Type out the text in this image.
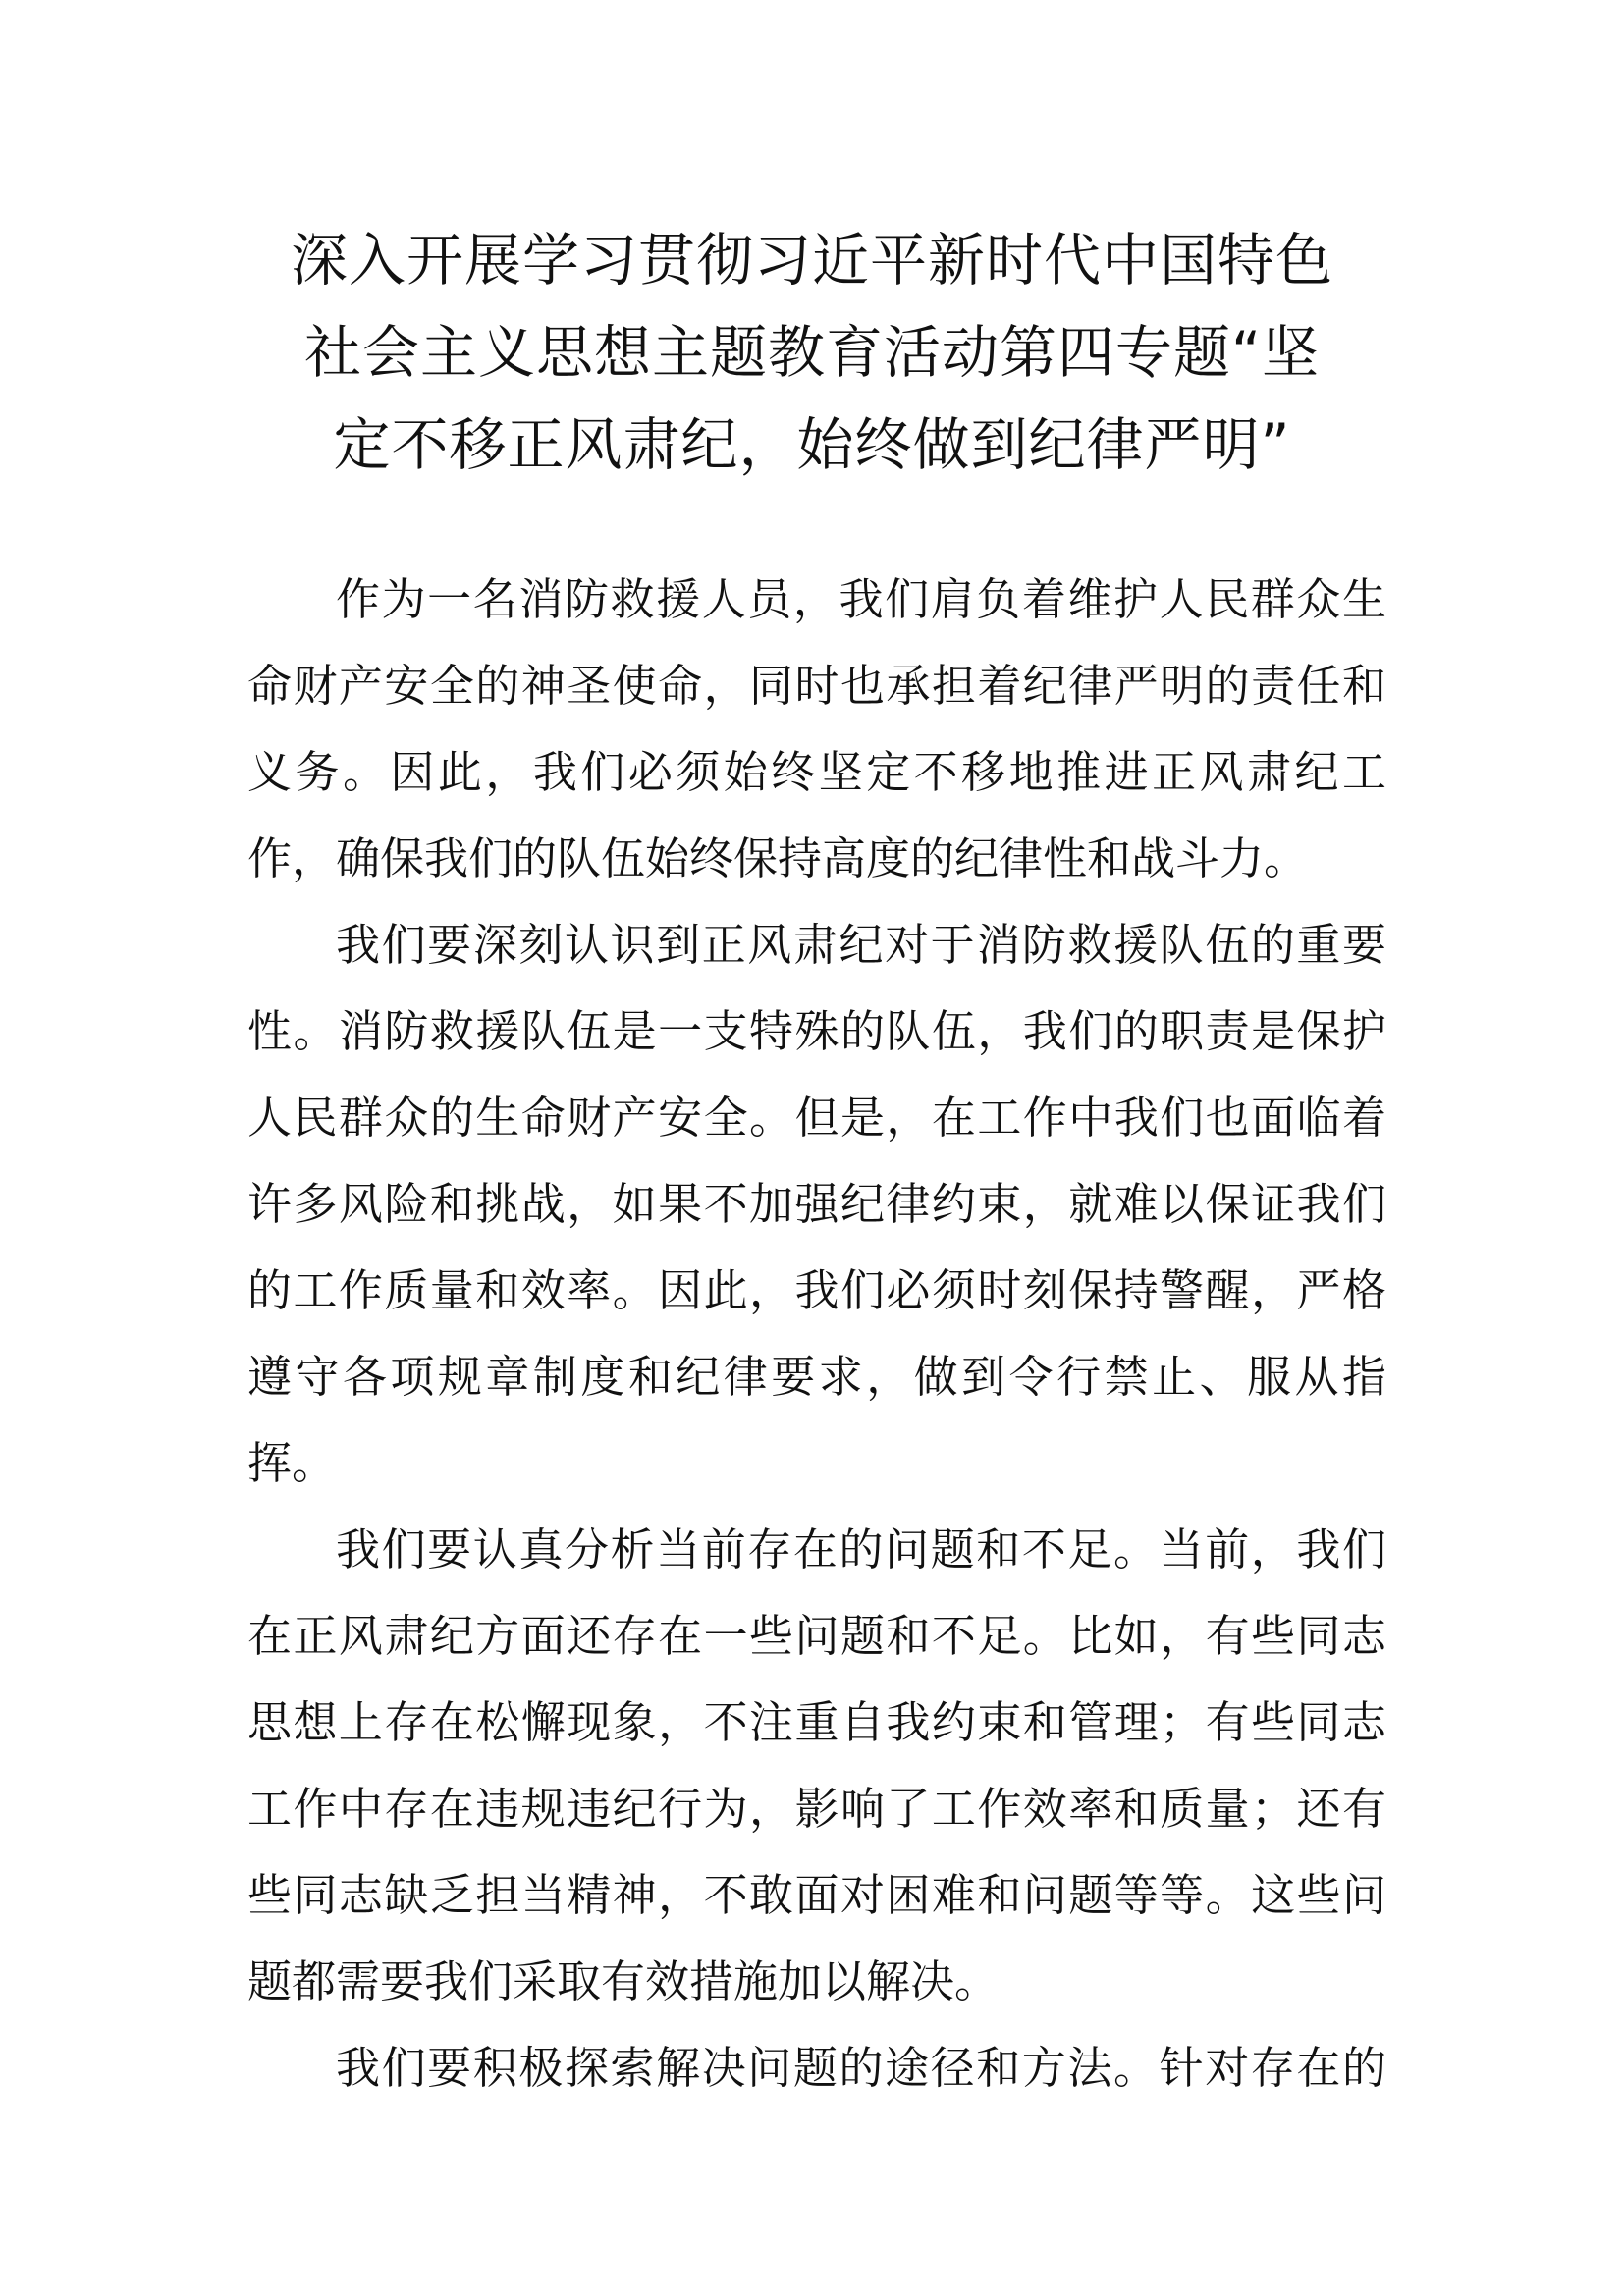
深入开展学习贯彻习近平新时代中国特色
社会主义思想主题教育活动第四专题“坚
定不移正风肃纪，始终做到纪律严明”
作为一名消防救援人员，我们肩负着维护人民群众生
命财产安全的神圣使命，同时也承担着纪律严明的责任和
义务。因此，我们必须始终坚定不移地推进正风肃纪工
作，确保我们的队伍始终保持高度的纪律性和战斗力。
我们要深刻认识到正风肃纪对于消防救援队伍的重要
性。消防救援队伍是一支特殊的队伍，我们的职责是保护
人民群众的生命财产安全。但是，在工作中我们也面临着
许多风险和挑战，如果不加强纪律约束，就难以保证我们
的工作质量和效率。因此，我们必须时刻保持警醒，严格
遵守各项规章制度和纪律要求，做到令行禁止、服从指
挥。
我们要认真分析当前存在的问题和不足。当前，我们
在正风肃纪方面还存在一些问题和不足。比如，有些同志
思想上存在松懈现象，不注重自我约束和管理；有些同志
工作中存在违规违纪行为，影响了工作效率和质量；还有
些同志缺乏担当精神，不敢面对困难和问题等等。这些问
题都需要我们采取有效措施加以解决。
我们要积极探索解决问题的途径和方法。针对存在的
